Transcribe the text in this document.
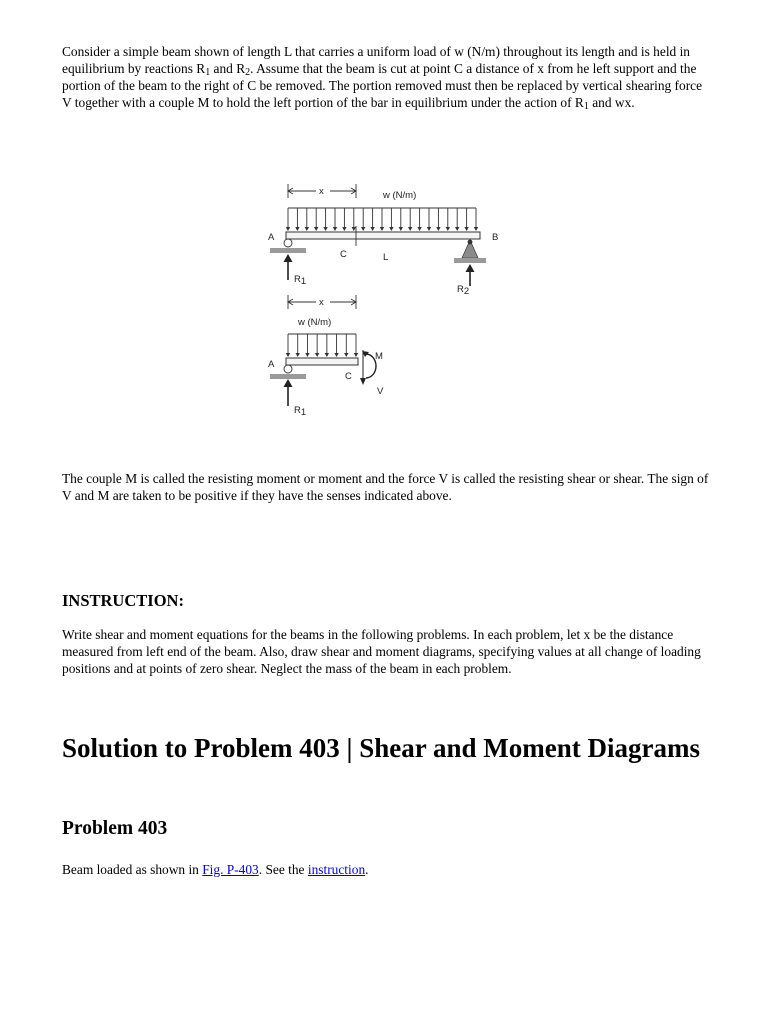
Consider a simple beam shown of length L that carries a uniform load of w (N/m) throughout its length and is held in equilibrium by reactions $R_1$ and $R_2$. Assume that the beam is cut at point C a distance of x from he left support and the portion of the beam to the right of C be removed. The portion removed must then be replaced by vertical shearing force V together with a couple M to hold the left portion of the bar in equilibrium under the action of $R_1$ and wx.

x	w (N/m)
A	B
C	L
R1
R2
x
w (N/m)
A
C
V
M
R1

The couple M is called the resisting moment or moment and the force V is called the resisting shear or shear. The sign of V and M are taken to be positive if they have the senses indicated above.

INSTRUCTION:

Write shear and moment equations for the beams in the following problems. In each problem, let x be the distance measured from left end of the beam. Also, draw shear and moment diagrams, specifying values at all change of loading positions and at points of zero shear. Neglect the mass of the beam in each problem.

Solution to Problem 403 | Shear and Moment Diagrams
Problem 403

Beam loaded as shown in Fig. P-403. See the instruction.
